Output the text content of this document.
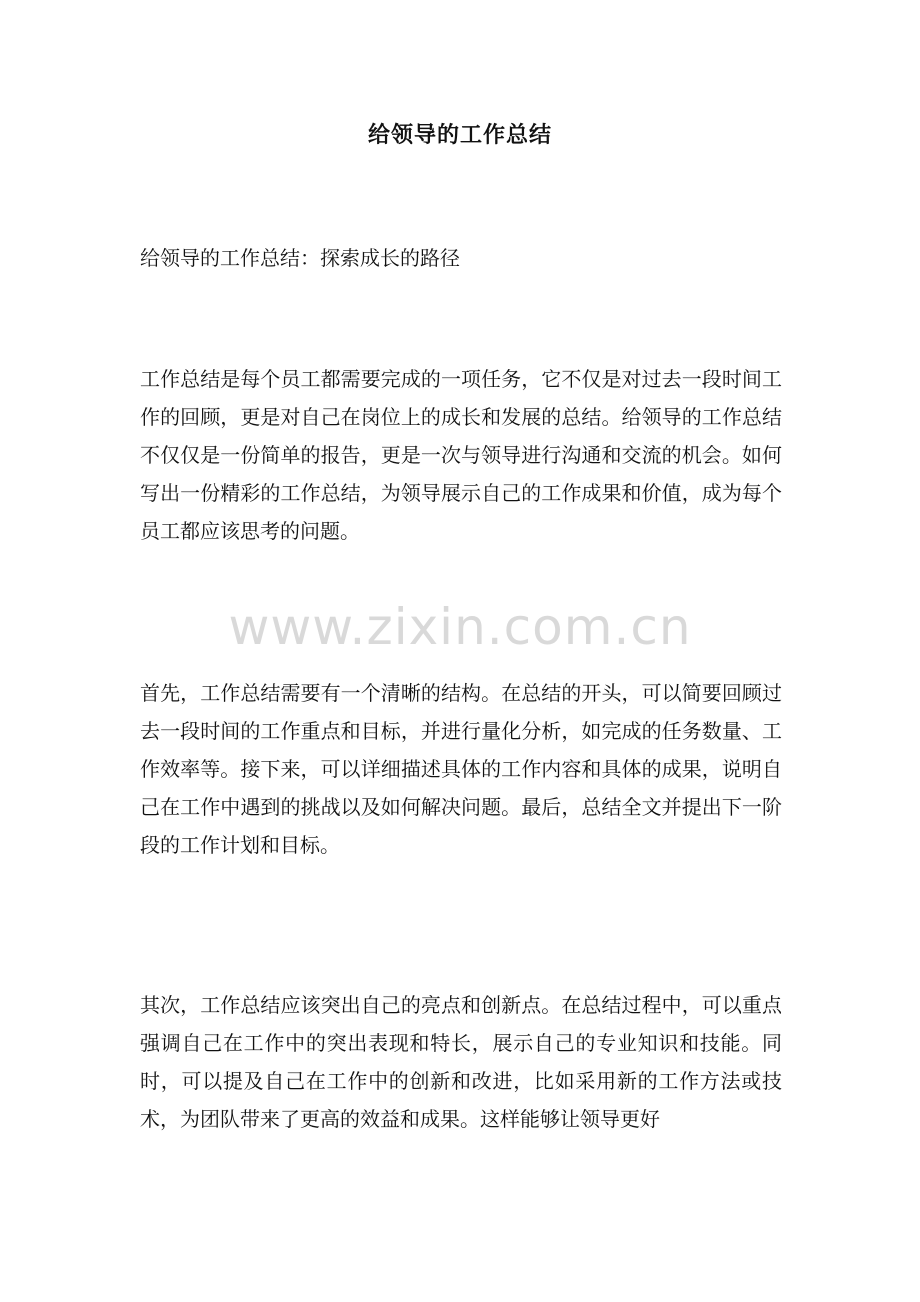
给领导的工作总结
给领导的工作总结：探索成长的路径

工作总结是每个员工都需要完成的一项任务，它不仅是对过去一段时间工作的回顾，更是对自己在岗位上的成长和发展的总结。给领导的工作总结不仅仅是一份简单的报告，更是一次与领导进行沟通和交流的机会。如何写出一份精彩的工作总结，为领导展示自己的工作成果和价值，成为每个员工都应该思考的问题。

www.zixin.com.cn

首先，工作总结需要有一个清晰的结构。在总结的开头，可以简要回顾过去一段时间的工作重点和目标，并进行量化分析，如完成的任务数量、工作效率等。接下来，可以详细描述具体的工作内容和具体的成果，说明自己在工作中遇到的挑战以及如何解决问题。最后，总结全文并提出下一阶段的工作计划和目标。

其次，工作总结应该突出自己的亮点和创新点。在总结过程中，可以重点强调自己在工作中的突出表现和特长，展示自己的专业知识和技能。同时，可以提及自己在工作中的创新和改进，比如采用新的工作方法或技术，为团队带来了更高的效益和成果。这样能够让领导更好
